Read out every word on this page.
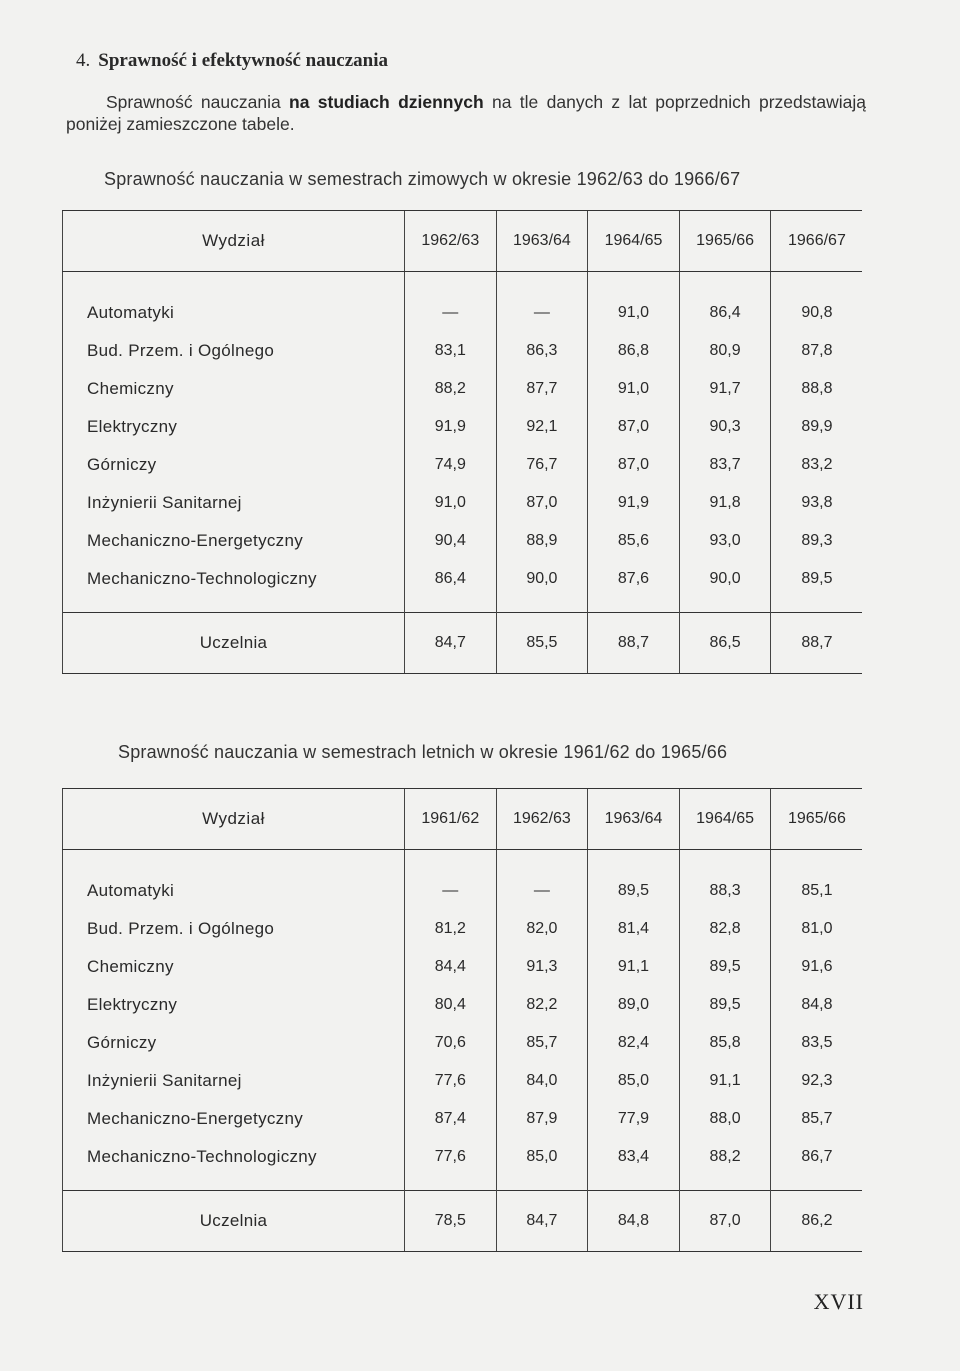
4. Sprawność i efektywność nauczania
Sprawność nauczania na studiach dziennych na tle danych z lat poprzednich przedstawiają poniżej zamieszczone tabele.
Sprawność nauczania w semestrach zimowych w okresie 1962/63 do 1966/67
Wydział	1962/63	1963/64	1964/65	1965/66	1966/67

Automatyki	—	—	91,0	86,4	90,8
Bud. Przem. i Ogólnego	83,1	86,3	86,8	80,9	87,8
Chemiczny	88,2	87,7	91,0	91,7	88,8
Elektryczny	91,9	92,1	87,0	90,3	89,9
Górniczy	74,9	76,7	87,0	83,7	83,2
Inżynierii Sanitarnej	91,0	87,0	91,9	91,8	93,8
Mechaniczno-Energetyczny	90,4	88,9	85,6	93,0	89,3
Mechaniczno-Technologiczny	86,4	90,0	87,6	90,0	89,5
Uczelnia	84,7	85,5	88,7	86,5	88,7
Sprawność nauczania w semestrach letnich w okresie 1961/62 do 1965/66
Wydział	1961/62	1962/63	1963/64	1964/65	1965/66

Automatyki	—	—	89,5	88,3	85,1
Bud. Przem. i Ogólnego	81,2	82,0	81,4	82,8	81,0
Chemiczny	84,4	91,3	91,1	89,5	91,6
Elektryczny	80,4	82,2	89,0	89,5	84,8
Górniczy	70,6	85,7	82,4	85,8	83,5
Inżynierii Sanitarnej	77,6	84,0	85,0	91,1	92,3
Mechaniczno-Energetyczny	87,4	87,9	77,9	88,0	85,7
Mechaniczno-Technologiczny	77,6	85,0	83,4	88,2	86,7
Uczelnia	78,5	84,7	84,8	87,0	86,2
XVII
